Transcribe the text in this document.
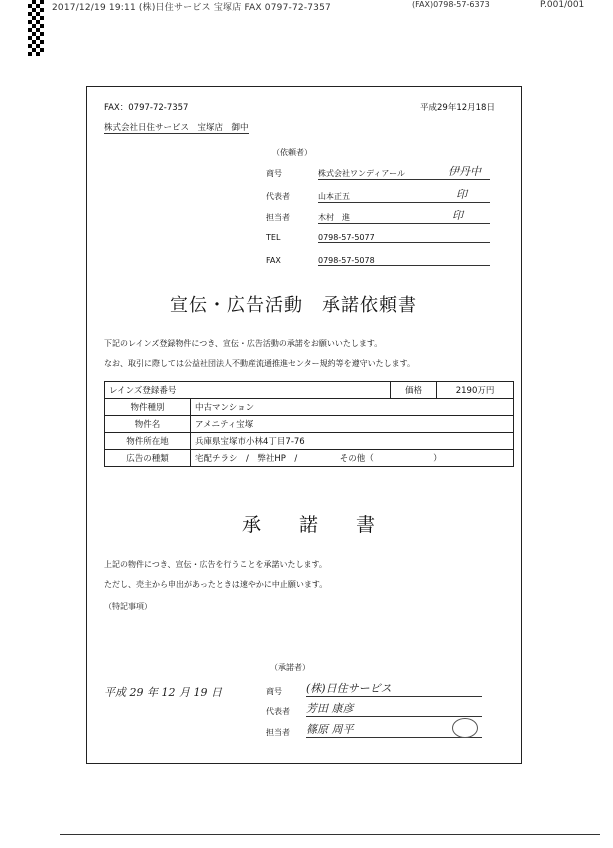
2017/12/19 19:11 (株)日住サービス 宝塚店 FAX 0797-72-7357	(FAX)0798-57-6373	P.001/001
FAX：0797-72-7357	平成29年12月18日
株式会社日住サービス　宝塚店　御中
（依頼者）
商号	株式会社ワンディアール	伊丹中
代表者	山本正五	印
担当者	木村　進	印
TEL	0798-57-5077
FAX	0798-57-5078
宣伝・広告活動　承諾依頼書
下記のレインズ登録物件につき、宣伝・広告活動の承諾をお願いいたします。
なお、取引に際しては公益社団法人不動産流通推進センター規約等を遵守いたします。
レインズ登録番号		価格	2190万円
物件種別	中古マンション		
物件名	アメニティ宝塚		
物件所在地	兵庫県宝塚市小林4丁目7-76		
広告の種類	宅配チラシ　/　弊社HP　/　　　　　その他（　　　　　　　）		
承諾書
上記の物件につき、宣伝・広告を行うことを承諾いたします。
ただし、売主から申出があったときは速やかに中止願います。
（特記事項）
（承諾者）
平成 29 年 12 月 19 日	商号 (株)日住サービス
代表者 芳田 康彦
担当者 篠原 周平
